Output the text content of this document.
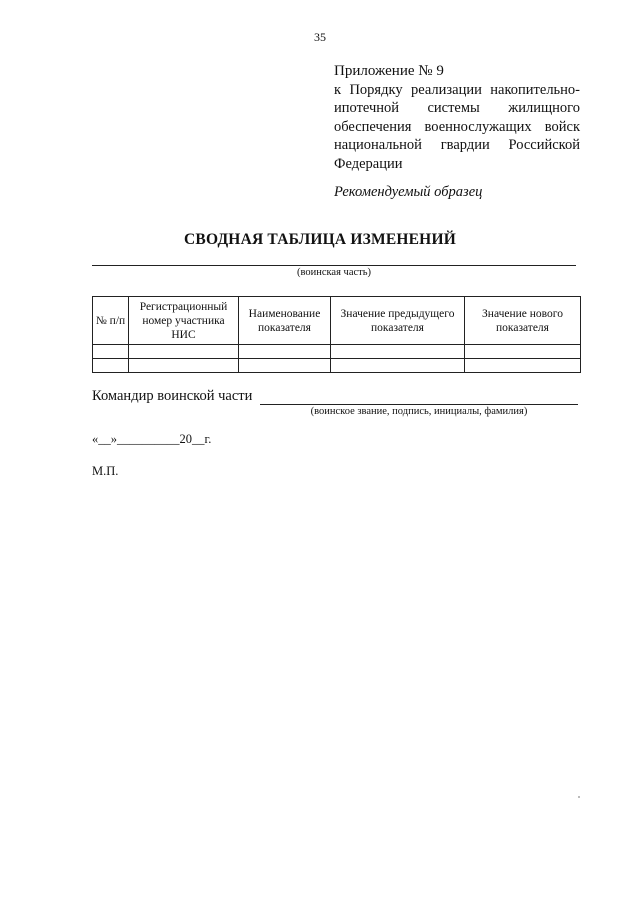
35
Приложение № 9
к Порядку реализации накопительно-ипотечной системы жилищного обеспечения военнослужащих войск национальной гвардии Российской Федерации
Рекомендуемый образец
СВОДНАЯ ТАБЛИЦА ИЗМЕНЕНИЙ
(воинская часть)
№ п/п	Регистрационный номер участника НИС	Наименование показателя	Значение предыдущего показателя	Значение нового показателя

Командир воинской части
(воинское звание, подпись, инициалы, фамилия)
«__»__________20__г.
М.П.
